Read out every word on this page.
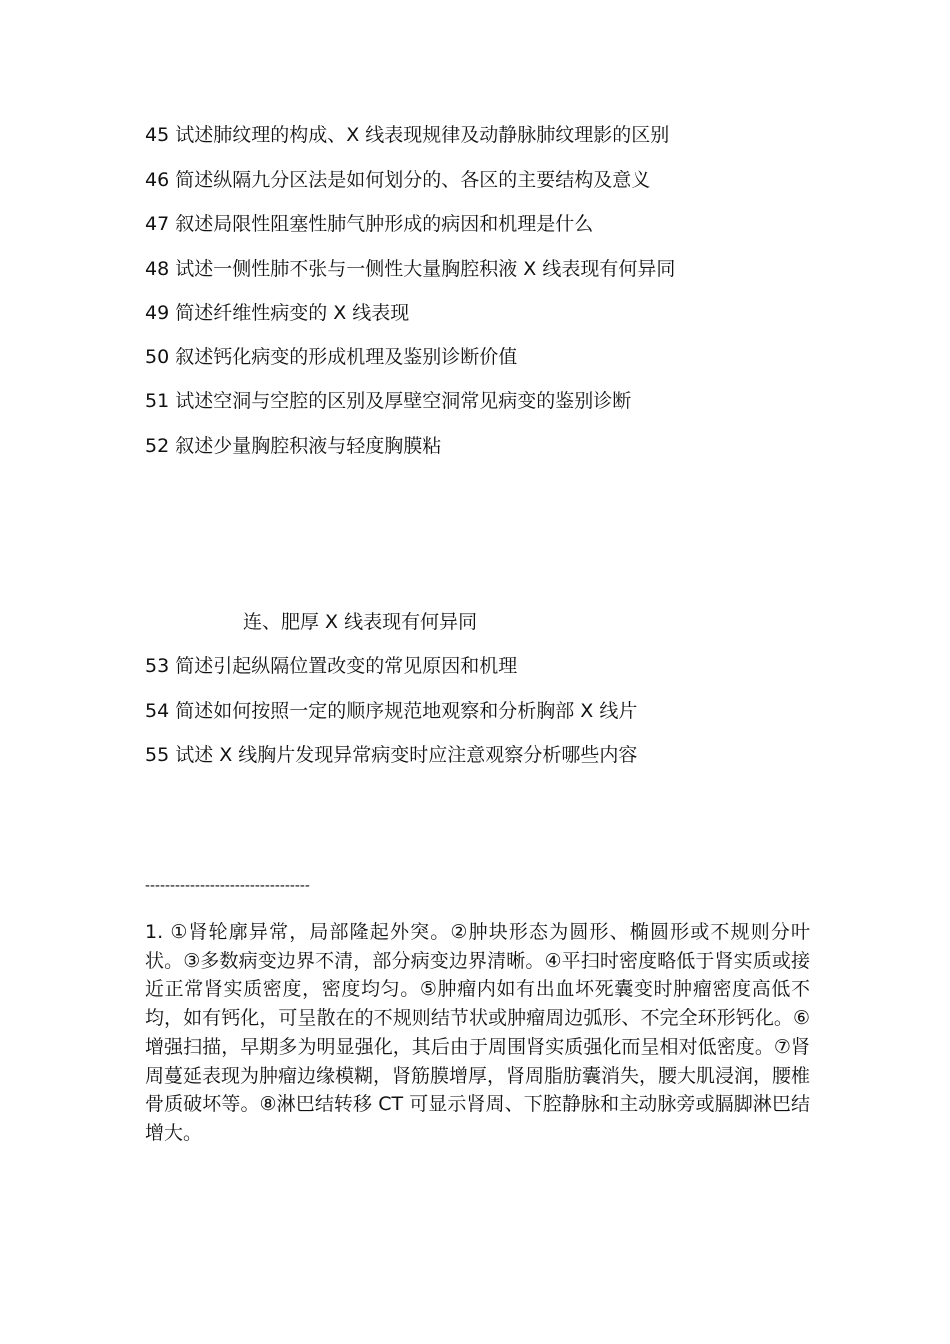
45 试述肺纹理的构成、X 线表现规律及动静脉肺纹理影的区别

46 简述纵隔九分区法是如何划分的、各区的主要结构及意义

47 叙述局限性阻塞性肺气肿形成的病因和机理是什么

48 试述一侧性肺不张与一侧性大量胸腔积液 X 线表现有何异同

49 简述纤维性病变的 X 线表现

50 叙述钙化病变的形成机理及鉴别诊断价值

51 试述空洞与空腔的区别及厚壁空洞常见病变的鉴别诊断

52 叙述少量胸腔积液与轻度胸膜粘

连、肥厚 X 线表现有何异同

53 简述引起纵隔位置改变的常见原因和机理

54 简述如何按照一定的顺序规范地观察和分析胸部 X 线片

55 试述 X 线胸片发现异常病变时应注意观察分析哪些内容

---------------------------------

1. ①肾轮廓异常，局部隆起外突。②肿块形态为圆形、椭圆形或不规则分叶状。③多数病变边界不清，部分病变边界清晰。④平扫时密度略低于肾实质或接近正常肾实质密度，密度均匀。⑤肿瘤内如有出血坏死囊变时肿瘤密度高低不均，如有钙化，可呈散在的不规则结节状或肿瘤周边弧形、不完全环形钙化。⑥增强扫描，早期多为明显强化，其后由于周围肾实质强化而呈相对低密度。⑦肾周蔓延表现为肿瘤边缘模糊，肾筋膜增厚，肾周脂肪囊消失，腰大肌浸润，腰椎骨质破坏等。⑧淋巴结转移 CT 可显示肾周、下腔静脉和主动脉旁或膈脚淋巴结增大。
